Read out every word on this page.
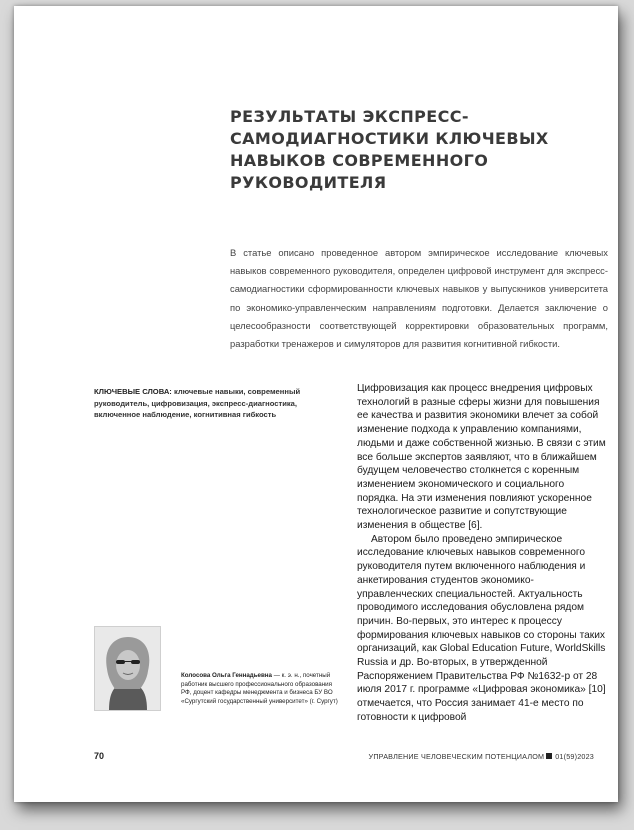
РЕЗУЛЬТАТЫ ЭКСПРЕСС-САМОДИАГНОСТИКИ КЛЮЧЕВЫХ НАВЫКОВ СОВРЕМЕННОГО РУКОВОДИТЕЛЯ

В статье описано проведенное автором эмпирическое исследование ключевых навыков современного руководителя, определен цифровой инструмент для экспресс-самодиагностики сформированности ключевых навыков у выпускников университета по экономико-управленческим направлениям подготовки. Делается заключение о целесообразности соответствующей корректировки образовательных программ, разработки тренажеров и симуляторов для развития когнитивной гибкости.

КЛЮЧЕВЫЕ СЛОВА: ключевые навыки, современный руководитель, цифровизация, экспресс-диагностика, включенное наблюдение, когнитивная гибкость

Цифровизация как процесс внедрения цифровых технологий в разные сферы жизни для повышения ее качества и развития экономики влечет за собой изменение подхода к управлению компаниями, людьми и даже собственной жизнью. В связи с этим все больше экспертов заявляют, что в ближайшем будущем человечество столкнется с коренным изменением экономического и социального порядка. На эти изменения повлияют ускоренное технологическое развитие и сопутствующие изменения в обществе [6].

Автором было проведено эмпирическое исследование ключевых навыков современного руководителя путем включенного наблюдения и анкетирования студентов экономико-управленческих специальностей. Актуальность проводимого исследования обусловлена рядом причин. Во-первых, это интерес к процессу формирования ключевых навыков со стороны таких организаций, как Global Education Future, WorldSkills Russia и др. Во-вторых, в утвержденной Распоряжением Правительства РФ №1632-р от 28 июля 2017 г. программе «Цифровая экономика» [10] отмечается, что Россия занимает 41-е место по готовности к цифровой

Колосова Ольга Геннадьевна — к. э. н., почетный работник высшего профессионального образования РФ, доцент кафедры менеджмента и бизнеса БУ ВО «Сургутский государственный университет» (г. Сургут)

70	УПРАВЛЕНИЕ ЧЕЛОВЕЧЕСКИМ ПОТЕНЦИАЛОМ 01(59)2023
